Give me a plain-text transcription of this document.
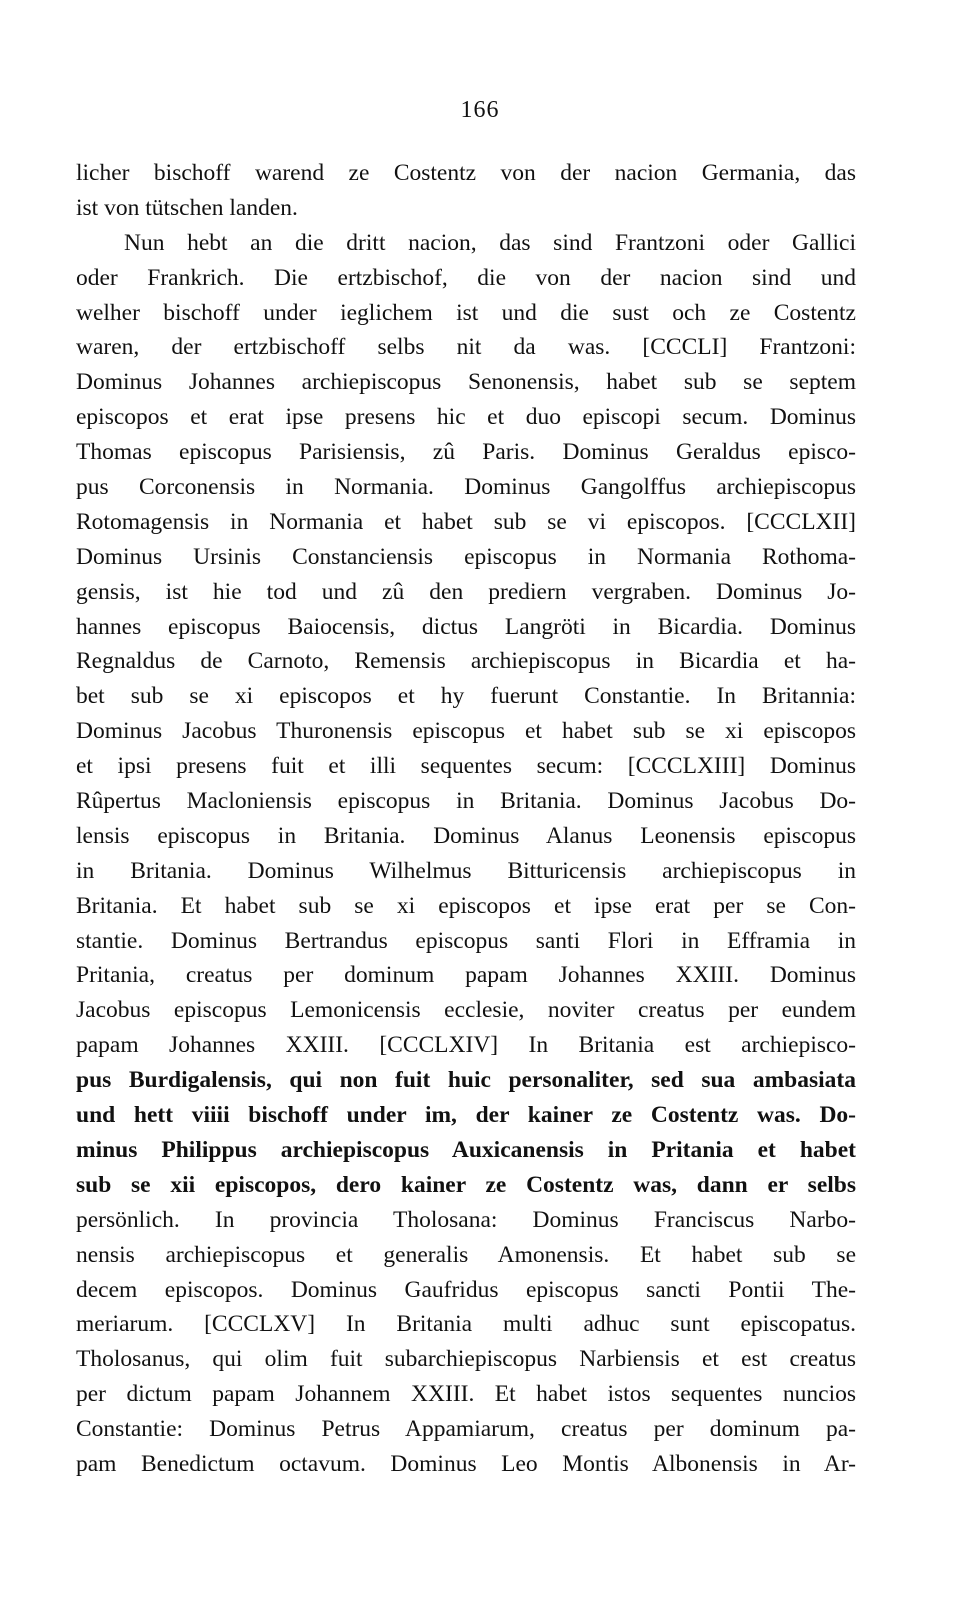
166
licher bischoff warend ze Costentz von der nacion Germania, das
ist von tütschen landen.
Nun hebt an die dritt nacion, das sind Frantzoni oder Gallici
oder Frankrich. Die ertzbischof, die von der nacion sind und
welher bischoff under ieglichem ist und die sust och ze Costentz
waren, der ertzbischoff selbs nit da was. [CCCLI] Frantzoni:
Dominus Johannes archiepiscopus Senonensis, habet sub se septem
episcopos et erat ipse presens hic et duo episcopi secum. Dominus
Thomas episcopus Parisiensis, zû Paris. Dominus Geraldus episco-
pus Corconensis in Normania. Dominus Gangolffus archiepiscopus
Rotomagensis in Normania et habet sub se vi episcopos. [CCCLXII]
Dominus Ursinis Constanciensis episcopus in Normania Rothoma-
gensis, ist hie tod und zû den prediern vergraben. Dominus Jo-
hannes episcopus Baiocensis, dictus Langröti in Bicardia. Dominus
Regnaldus de Carnoto, Remensis archiepiscopus in Bicardia et ha-
bet sub se xi episcopos et hy fuerunt Constantie. In Britannia:
Dominus Jacobus Thuronensis episcopus et habet sub se xi episcopos
et ipsi presens fuit et illi sequentes secum: [CCCLXIII] Dominus
Rûpertus Macloniensis episcopus in Britania. Dominus Jacobus Do-
lensis episcopus in Britania. Dominus Alanus Leonensis episcopus
in Britania. Dominus Wilhelmus Bitturicensis archiepiscopus in
Britania. Et habet sub se xi episcopos et ipse erat per se Con-
stantie. Dominus Bertrandus episcopus santi Flori in Efframia in
Pritania, creatus per dominum papam Johannes XXIII. Dominus
Jacobus episcopus Lemonicensis ecclesie, noviter creatus per eundem
papam Johannes XXIII. [CCCLXIV] In Britania est archiepisco-
pus Burdigalensis, qui non fuit huic personaliter, sed sua ambasiata
und hett viiii bischoff under im, der kainer ze Costentz was. Do-
minus Philippus archiepiscopus Auxicanensis in Pritania et habet
sub se xii episcopos, dero kainer ze Costentz was, dann er selbs
persönlich. In provincia Tholosana: Dominus Franciscus Narbo-
nensis archiepiscopus et generalis Amonensis. Et habet sub se
decem episcopos. Dominus Gaufridus episcopus sancti Pontii The-
meriarum. [CCCLXV] In Britania multi adhuc sunt episcopatus.
Tholosanus, qui olim fuit subarchiepiscopus Narbiensis et est creatus
per dictum papam Johannem XXIII. Et habet istos sequentes nuncios
Constantie: Dominus Petrus Appamiarum, creatus per dominum pa-
pam Benedictum octavum. Dominus Leo Montis Albonensis in Ar-
